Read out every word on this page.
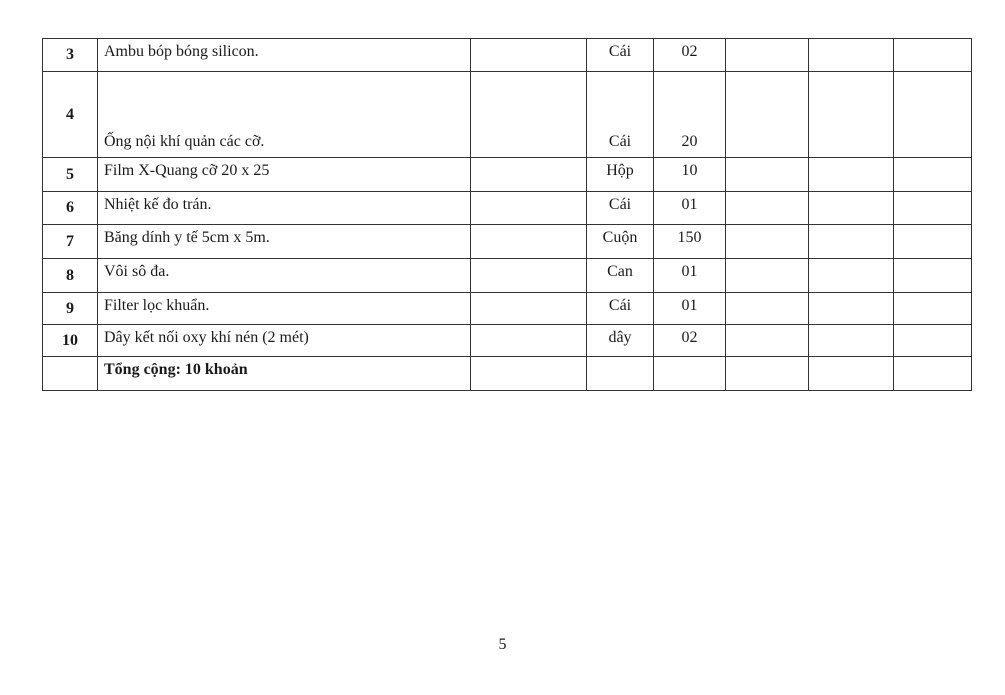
3	Ambu bóp bóng silicon.		Cái	02			
4	Ống nội khí quản các cỡ.		Cái	20			
5	Film X-Quang cỡ 20 x 25		Hộp	10			
6	Nhiệt kế đo trán.		Cái	01			
7	Băng dính y tế 5cm x 5m.		Cuộn	150			
8	Vôi sô đa.		Can	01			
9	Filter lọc khuẩn.		Cái	01			
10	Dây kết nối oxy khí nén (2 mét)		dây	02			
	Tổng cộng: 10 khoản						
5
